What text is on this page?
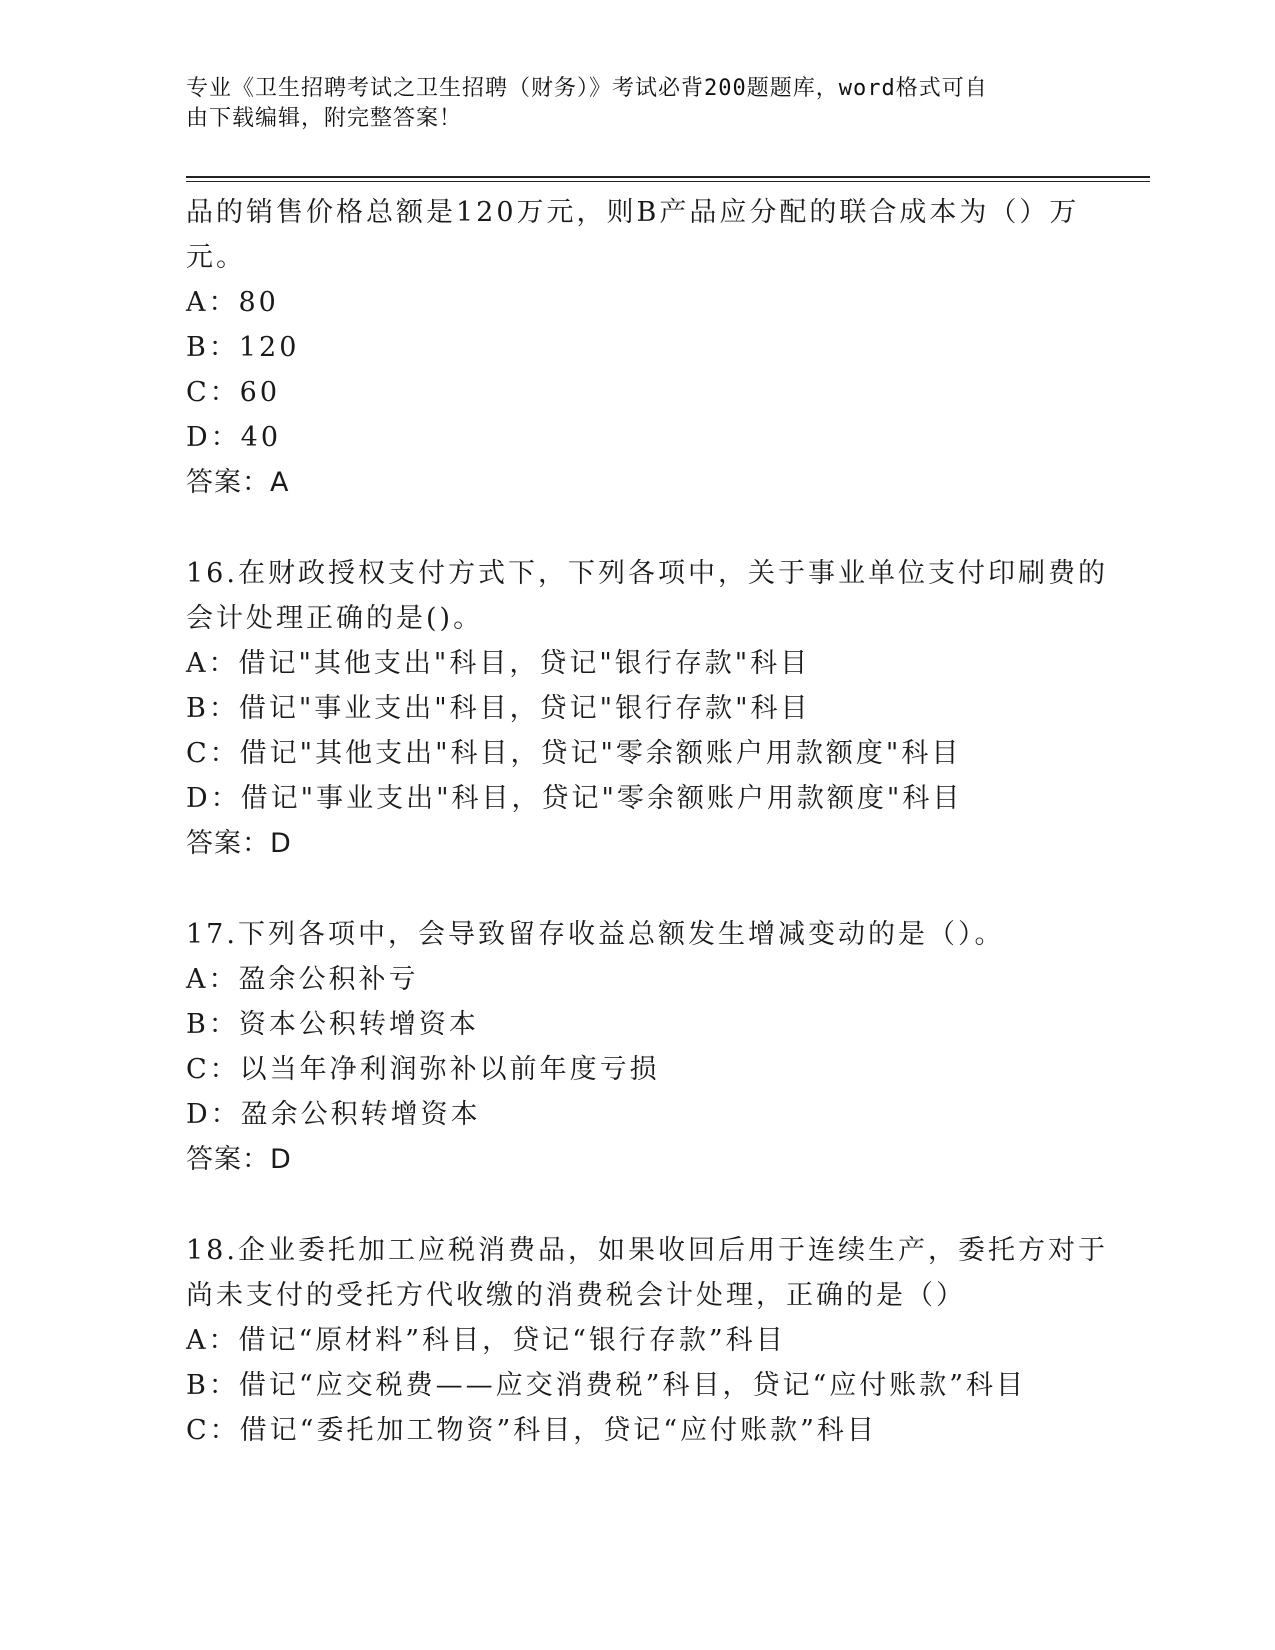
专业《卫生招聘考试之卫生招聘（财务）》考试必背200题题库，word格式可自
由下载编辑，附完整答案！
品的销售价格总额是120万元，则B产品应分配的联合成本为（）万
元。
A：80
B：120
C：60
D：40
答案：A
16.在财政授权支付方式下，下列各项中，关于事业单位支付印刷费的
会计处理正确的是()。
A：借记"其他支出"科目，贷记"银行存款"科目
B：借记"事业支出"科目，贷记"银行存款"科目
C：借记"其他支出"科目，贷记"零余额账户用款额度"科目
D：借记"事业支出"科目，贷记"零余额账户用款额度"科目
答案：D
17.下列各项中，会导致留存收益总额发生增减变动的是（）。
A：盈余公积补亏
B：资本公积转增资本
C：以当年净利润弥补以前年度亏损
D：盈余公积转增资本
答案：D
18.企业委托加工应税消费品，如果收回后用于连续生产，委托方对于
尚未支付的受托方代收缴的消费税会计处理，正确的是（）
A：借记“原材料”科目，贷记“银行存款”科目
B：借记“应交税费——应交消费税”科目，贷记“应付账款”科目
C：借记“委托加工物资”科目，贷记“应付账款”科目
